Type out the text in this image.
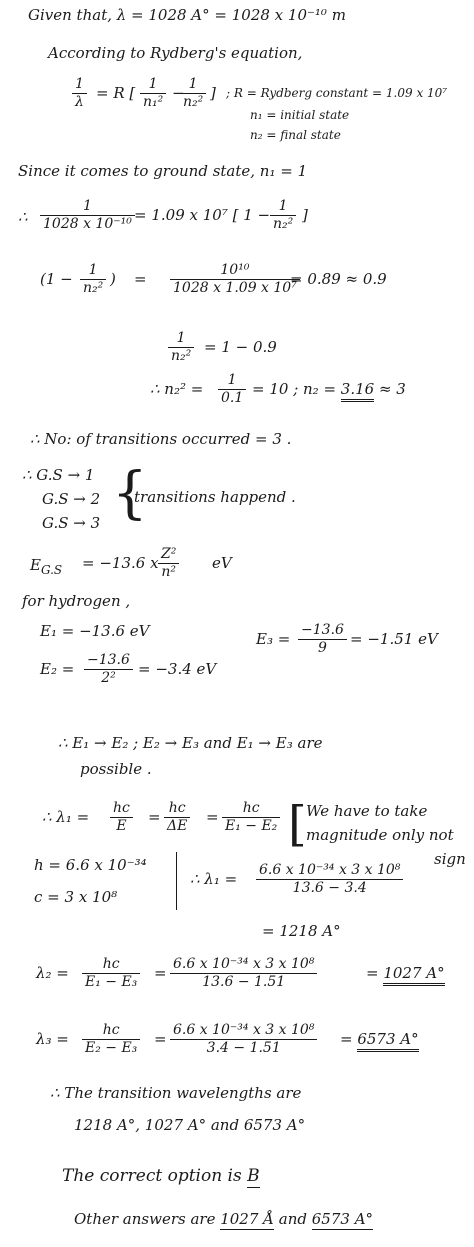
Given that, λ = 1028 A° = 1028 x 10⁻¹⁰ m
According to Rydberg's equation,
$\frac{1}{\lambda} = R$ [ $\frac{1}{\text{n₁²}}$ −
$\frac{1}{\text{n₂²}}$ ] ; R = Rydberg constant = 1.09 x 10⁷
n₁ = initial state
n₂ = final state
Since it comes to ground state, n₁ = 1
∴ $\frac{1}{\text{1028 x 10⁻¹⁰}} = 1.09$ x 10⁷ [ $1 - \frac{1}{\text{n₂²}}$ ]
($1 - \frac{1}{\text{n₂²}}$ ) = $\frac{\text{10¹⁰}}{\text{1028 x 1.09 x 10⁷}}$
= 0.89 ≈ 0.9
$\frac{1}{\text{n₂²}} = 1 - 0.9$
∴ $n_2^2 = \frac{1}{0.1} = 10$ ; n₂ = 3.16 ≈ 3
∴ No: of transitions occurred = 3 .
∴ G.S → 1
G.S → 2
G.S → 3 {
transitions happend .
$E_{G.S} = -13.6$ x $\frac{\text{Z²}}{\text{n²}}$ eV
for hydrogen ,
E₁ = −13.6 eV
$E_2 = \frac{-13.6}{\text{2²}} = -3.4$ eV
$E_3 = \frac{-13.6}{9} = -1.51$ eV
∴ E₁ → E₂ ; E₂ → E₃ and E₁ → E₃ are
possible .
∴ $\lambda_1 = \frac{hc}{E} = \frac{hc}{\Delta E} = \frac{hc}{\text{E₁ − E₂}}$ [ We have to take
magnitude only not
sign
h = 6.6 x 10⁻³⁴
c = 3 x 10⁸
∴ $\lambda_1 = \frac{\text{6.6 x 10⁻³⁴ x 3 x 10⁸}}{13.6 - 3.4}$
= 1218 A°
$\lambda_2 = \frac{hc}{\text{E₁ − E₃}} = \frac{\text{6.6 x 10⁻³⁴ x 3 x 10⁸}}{13.6 - 1.51}$	= 1027 A°
$\lambda_3 = \frac{hc}{\text{E₂ − E₃}} = \frac{\text{6.6 x 10⁻³⁴ x 3 x 10⁸}}{3.4 - 1.51} = 6573$ A°
∴ The transition wavelengths are
1218 A°, 1027 A° and 6573 A°
The correct option is B
Other answers are 1027 Å and 6573 A°
